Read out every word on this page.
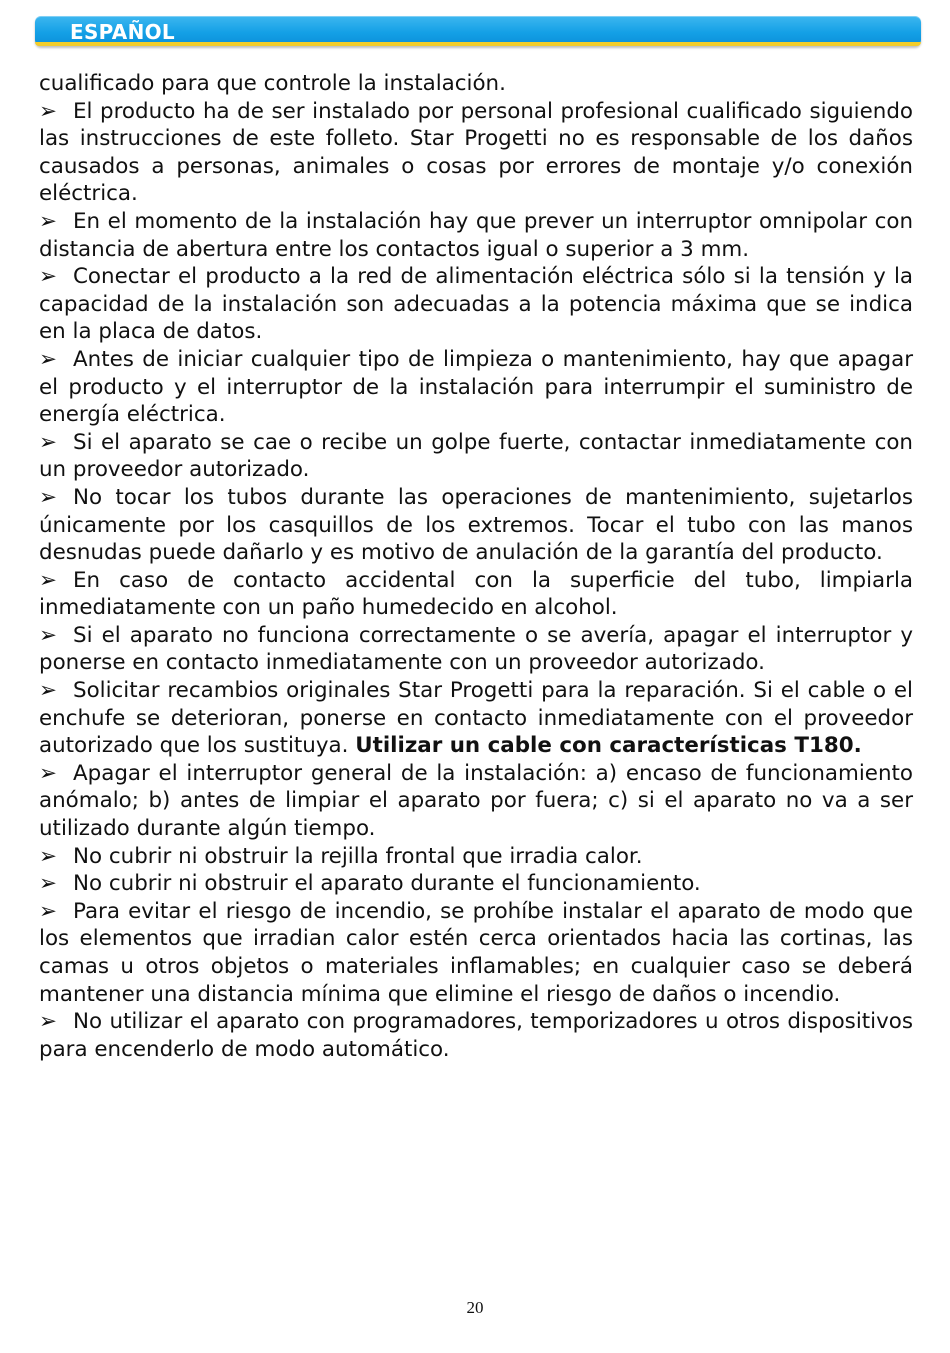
ESPAÑOL

cualificado para que controle la instalación.

➢ El producto ha de ser instalado por personal profesional cualificado siguiendo las instrucciones de este folleto. Star Progetti no es responsable de los daños causados a personas, animales o cosas por errores de montaje y/o conexión eléctrica.

➢ En el momento de la instalación hay que prever un interruptor omnipolar con distancia de abertura entre los contactos igual o superior a 3 mm.

➢ Conectar el producto a la red de alimentación eléctrica sólo si la tensión y la capacidad de la instalación son adecuadas a la potencia máxima que se indica en la placa de datos.

➢ Antes de iniciar cualquier tipo de limpieza o mantenimiento, hay que apagar el producto y el interruptor de la instalación para interrumpir el suministro de energía eléctrica.

➢ Si el aparato se cae o recibe un golpe fuerte, contactar inmediatamente con un proveedor autorizado.

➢ No tocar los tubos durante las operaciones de mantenimiento, sujetarlos únicamente por los casquillos de los extremos. Tocar el tubo con las manos desnudas puede dañarlo y es motivo de anulación de la garantía del producto.

➢ En caso de contacto accidental con la superficie del tubo, limpiarla inmediatamente con un paño humedecido en alcohol.

➢ Si el aparato no funciona correctamente o se avería, apagar el interruptor y ponerse en contacto inmediatamente con un proveedor autorizado.

➢ Solicitar recambios originales Star Progetti para la reparación. Si el cable o el enchufe se deterioran, ponerse en contacto inmediatamente con el proveedor autorizado que los sustituya. Utilizar un cable con características T180.

➢ Apagar el interruptor general de la instalación: a) encaso de funcionamiento anómalo; b) antes de limpiar el aparato por fuera; c) si el aparato no va a ser utilizado durante algún tiempo.

➢ No cubrir ni obstruir la rejilla frontal que irradia calor.

➢ No cubrir ni obstruir el aparato durante el funcionamiento.

➢ Para evitar el riesgo de incendio, se prohíbe instalar el aparato de modo que los elementos que irradian calor estén cerca orientados hacia las cortinas, las camas u otros objetos o materiales inflamables; en cualquier caso se deberá mantener una distancia mínima que elimine el riesgo de daños o incendio.

➢ No utilizar el aparato con programadores, temporizadores u otros dispositivos para encenderlo de modo automático.

20
